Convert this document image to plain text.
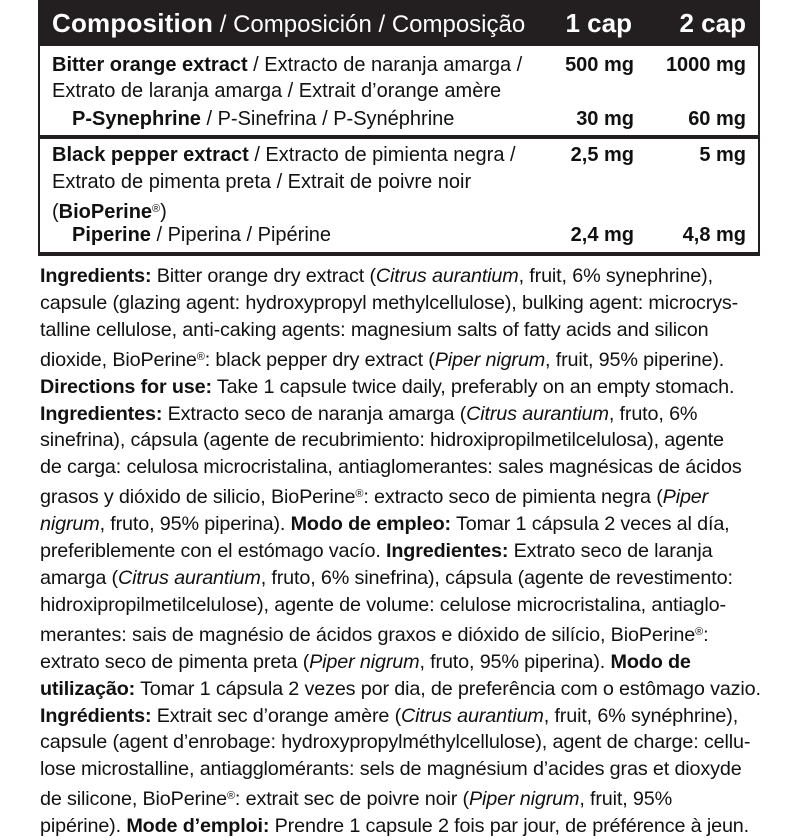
Composition / Composición / Composição 1 cap 2 cap
Bitter orange extract / Extracto de naranja amarga /
Extrato de laranja amarga / Extrait d’orange amère
500 mg 1000 mg
P-Synephrine / P-Sinefrina / P-Synéphrine	30 mg	60 mg
Black pepper extract / Extracto de pimienta negra /
Extrato de pimenta preta / Extrait de poivre noir
(BioPerine®)
2,5 mg	5 mg
Piperine / Piperina / Pipérine	2,4 mg 4,8 mg
Ingredients: Bitter orange dry extract (Citrus aurantium, fruit, 6% synephrine),
capsule (glazing agent: hydroxypropyl methylcellulose), bulking agent: microcrys-
talline cellulose, anti-caking agents: magnesium salts of fatty acids and silicon
dioxide, BioPerine®: black pepper dry extract (Piper nigrum, fruit, 95% piperine).
Directions for use: Take 1 capsule twice daily, preferably on an empty stomach.
Ingredientes: Extracto seco de naranja amarga (Citrus aurantium, fruto, 6%
sinefrina), cápsula (agente de recubrimiento: hidroxipropilmetilcelulosa), agente
de carga: celulosa microcristalina, antiaglomerantes: sales magnésicas de ácidos
grasos y dióxido de silicio, BioPerine®: extracto seco de pimienta negra (Piper
nigrum, fruto, 95% piperina). Modo de empleo: Tomar 1 cápsula 2 veces al día,
preferiblemente con el estómago vacío. Ingredientes: Extrato seco de laranja
amarga (Citrus aurantium, fruto, 6% sinefrina), cápsula (agente de revestimento:
hidroxipropilmetilcelulose), agente de volume: celulose microcristalina, antiaglo-
merantes: sais de magnésio de ácidos graxos e dióxido de silício, BioPerine®:
extrato seco de pimenta preta (Piper nigrum, fruto, 95% piperina). Modo de
utilização: Tomar 1 cápsula 2 vezes por dia, de preferência com o estômago vazio.
Ingrédients: Extrait sec d’orange amère (Citrus aurantium, fruit, 6% synéphrine),
capsule (agent d’enrobage: hydroxypropylméthylcellulose), agent de charge: cellu-
lose microstalline, antiagglomérants: sels de magnésium d’acides gras et dioxyde
de silicone, BioPerine®: extrait sec de poivre noir (Piper nigrum, fruit, 95%
pipérine). Mode d’emploi: Prendre 1 capsule 2 fois par jour, de préférence à jeun.
